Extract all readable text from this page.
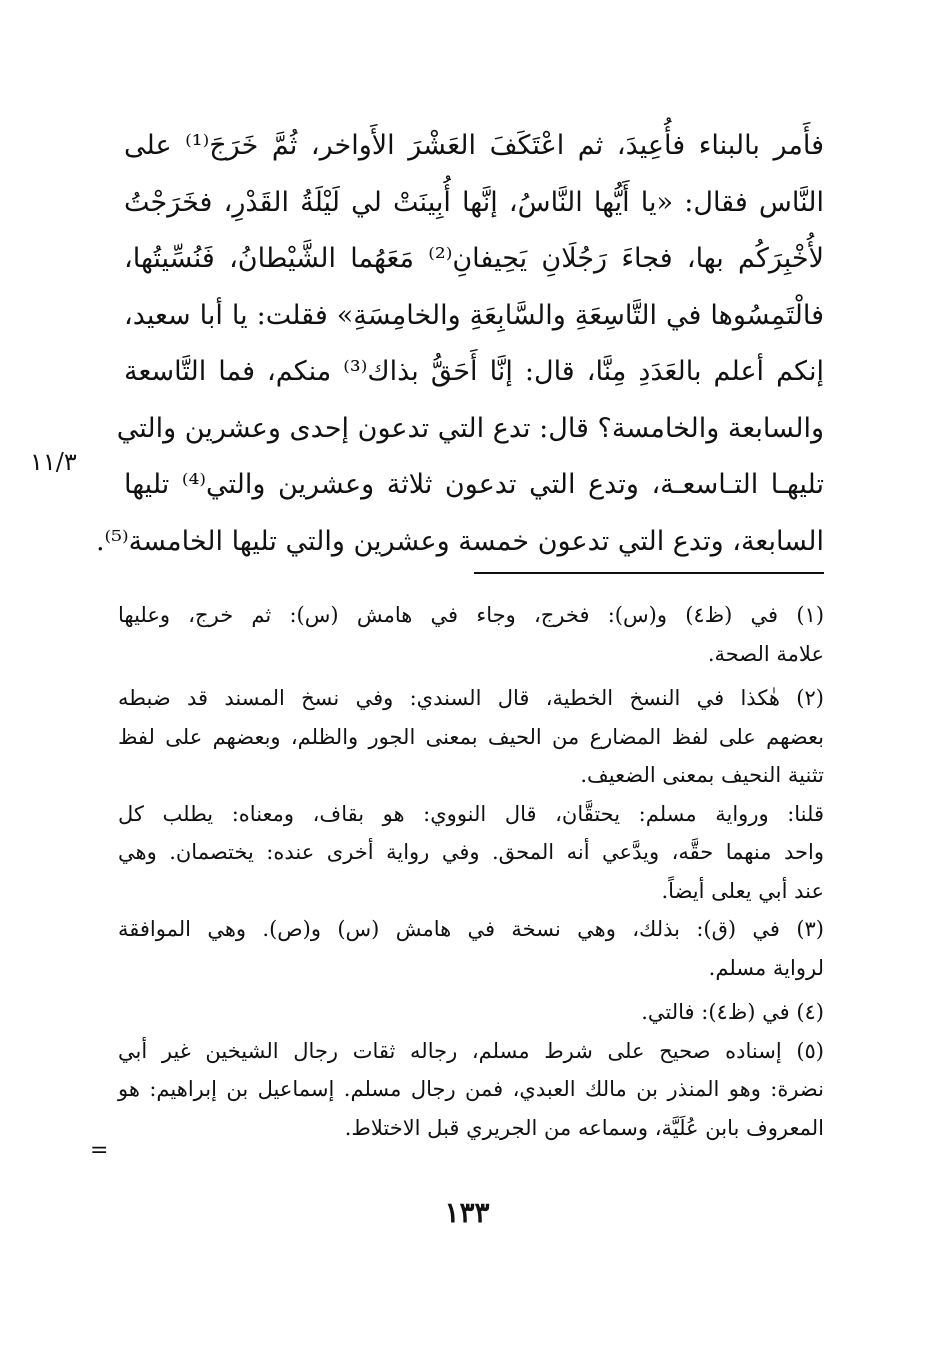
فأَمر بالبناء فأُعِيدَ، ثم اعْتَكَفَ العَشْرَ الأَواخر، ثُمَّ خَرَجَ⁽¹⁾ على
النَّاس فقال: «يا أَيُّها النَّاسُ، إنَّها أُبِينَتْ لي لَيْلَةُ القَدْرِ، فخَرَجْتُ
لأُخْبِرَكُم بها، فجاءَ رَجُلَانِ يَحِيفانِ⁽²⁾ مَعَهُما الشَّيْطانُ، فَنُسِّيتُها،
فالْتَمِسُوها في التَّاسِعَةِ والسَّابِعَةِ والخامِسَةِ» فقلت: يا أبا سعيد،
إنكم أعلم بالعَدَدِ مِنَّا، قال: إنَّا أَحَقُّ بذاك⁽³⁾ منكم، فما التَّاسعة
والسابعة والخامسة؟ قال: تدع التي تدعون إحدى وعشرين والتي
تليهـا التـاسعـة، وتدع التي تدعون ثلاثة وعشرين والتي⁽⁴⁾ تليها
السابعة، وتدع التي تدعون خمسة وعشرين والتي تليها الخامسة⁽⁵⁾.
١١/٣
(١) في (ظ٤) و(س): فخرج، وجاء في هامش (س): ثم خرج، وعليها
علامة الصحة.
(٢) هٰكذا في النسخ الخطية، قال السندي: وفي نسخ المسند قد ضبطه
بعضهم على لفظ المضارع من الحيف بمعنى الجور والظلم، وبعضهم على لفظ
تثنية النحيف بمعنى الضعيف.
قلنا: ورواية مسلم: يحتقَّان، قال النووي: هو بقاف، ومعناه: يطلب كل
واحد منهما حقَّه، ويدَّعي أنه المحق. وفي رواية أخرى عنده: يختصمان. وهي
عند أبي يعلى أيضاً.
(٣) في (ق): بذلك، وهي نسخة في هامش (س) و(ص). وهي الموافقة
لرواية مسلم.
(٤) في (ظ٤): فالتي.
(٥) إسناده صحيح على شرط مسلم، رجاله ثقات رجال الشيخين غير أبي
نضرة: وهو المنذر بن مالك العبدي، فمن رجال مسلم. إسماعيل بن إبراهيم: هو
المعروف بابن عُلَيَّة، وسماعه من الجريري قبل الاختلاط.
=
١٣٣
